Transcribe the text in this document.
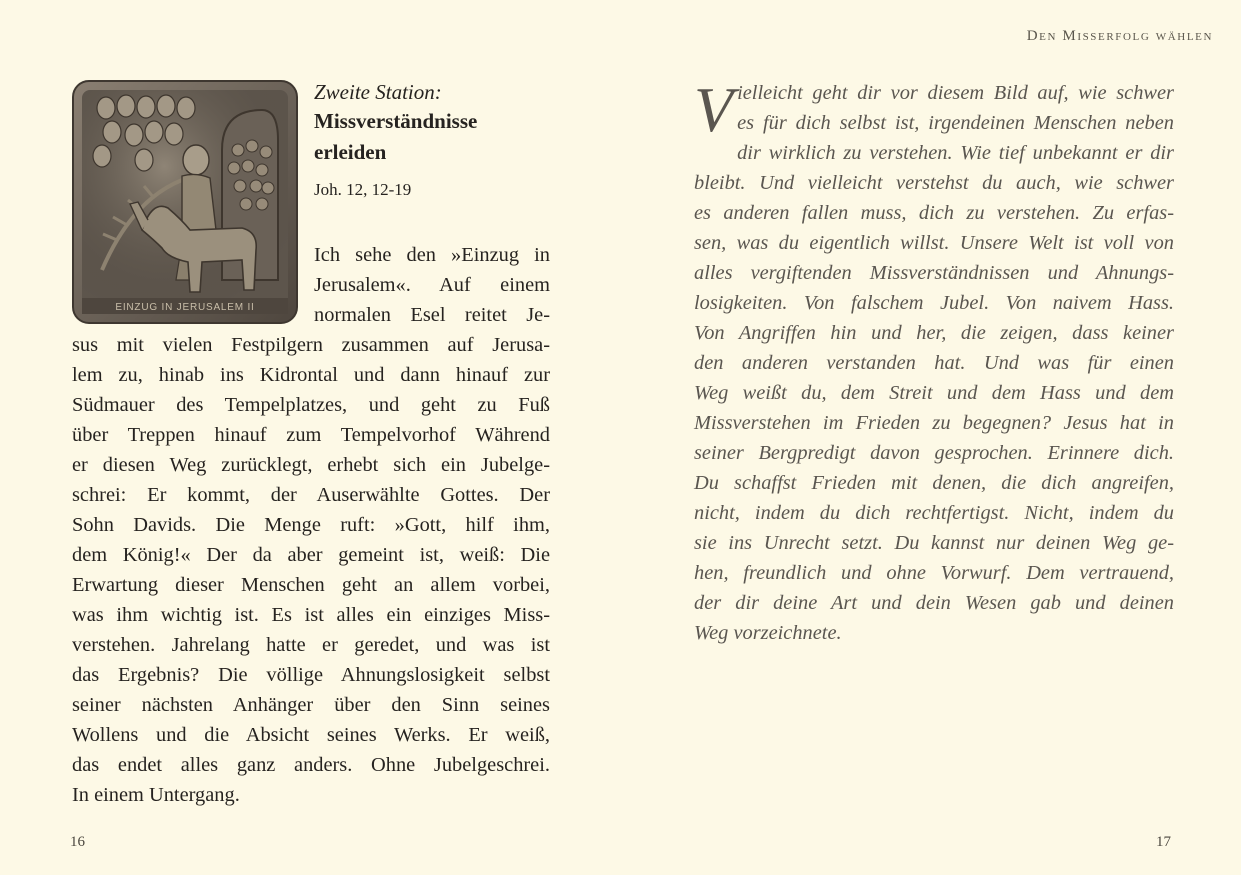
EINZUG IN JERUSALEM II
Zweite Station:
Missverständnisse
erleiden
Joh. 12, 12-19
Ich sehe den »Einzug in
Jerusalem«. Auf einem
normalen Esel reitet Je-
sus mit vielen Festpilgern zusammen auf Jerusa-
lem zu, hinab ins Kidrontal und dann hinauf zur
Südmauer des Tempelplatzes, und geht zu Fuß
über Treppen hinauf zum Tempelvorhof Während
er diesen Weg zurücklegt, erhebt sich ein Jubelge-
schrei: Er kommt, der Auserwählte Gottes. Der
Sohn Davids. Die Menge ruft: »Gott, hilf ihm,
dem König!« Der da aber gemeint ist, weiß: Die
Erwartung dieser Menschen geht an allem vorbei,
was ihm wichtig ist. Es ist alles ein einziges Miss-
verstehen. Jahrelang hatte er geredet, und was ist
das Ergebnis? Die völlige Ahnungslosigkeit selbst
seiner nächsten Anhänger über den Sinn seines
Wollens und die Absicht seines Werks. Er weiß,
das endet alles ganz anders. Ohne Jubelgeschrei.
In einem Untergang.
16
Den Misserfolg wählen
V ielleicht geht dir vor diesem Bild auf, wie schwer
es für dich selbst ist, irgendeinen Menschen neben
dir wirklich zu verstehen. Wie tief unbekannt er dir
bleibt. Und vielleicht verstehst du auch, wie schwer
es anderen fallen muss, dich zu verstehen. Zu erfas-
sen, was du eigentlich willst. Unsere Welt ist voll von
alles vergiftenden Missverständnissen und Ahnungs-
losigkeiten. Von falschem Jubel. Von naivem Hass.
Von Angriffen hin und her, die zeigen, dass keiner
den anderen verstanden hat. Und was für einen
Weg weißt du, dem Streit und dem Hass und dem
Missverstehen im Frieden zu begegnen? Jesus hat in
seiner Bergpredigt davon gesprochen. Erinnere dich.
Du schaffst Frieden mit denen, die dich angreifen,
nicht, indem du dich rechtfertigst. Nicht, indem du
sie ins Unrecht setzt. Du kannst nur deinen Weg ge-
hen, freundlich und ohne Vorwurf. Dem vertrauend,
der dir deine Art und dein Wesen gab und deinen
Weg vorzeichnete.
17
